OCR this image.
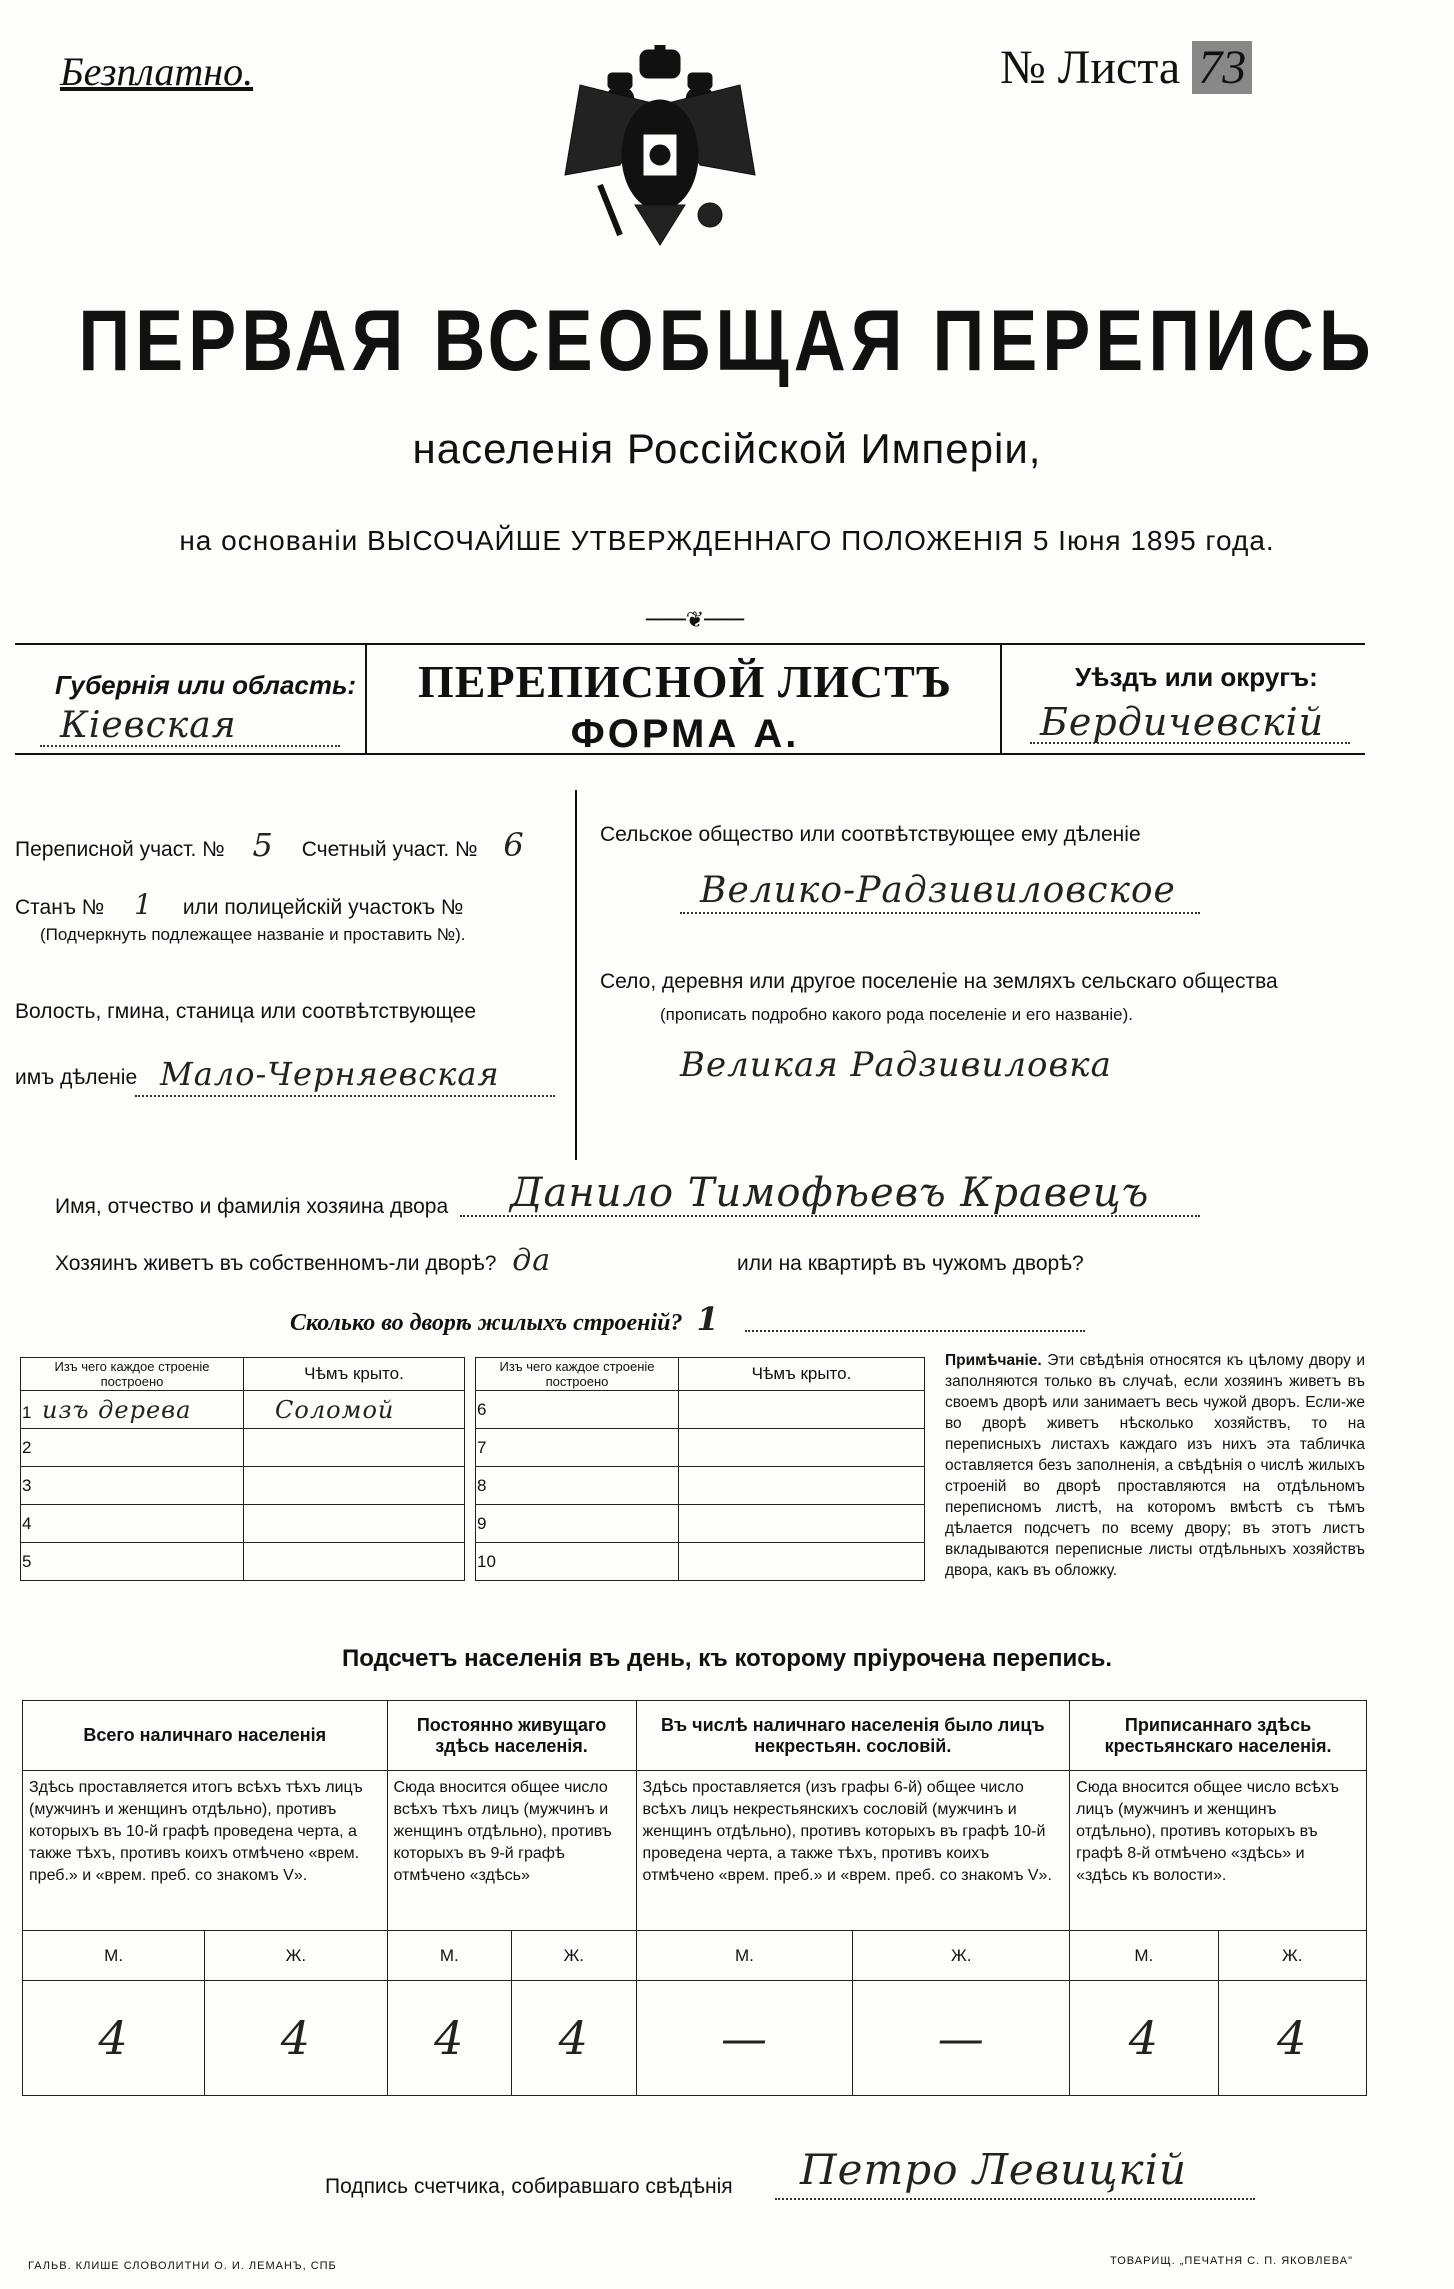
Безплатно.	№ Листа 73
ПЕРВАЯ ВСЕОБЩАЯ ПЕРЕПИСЬ
населенія Россійской Имперіи,
на основаніи ВЫСОЧАЙШЕ УТВЕРЖДЕННАГО ПОЛОЖЕНІЯ 5 Іюня 1895 года.
───❦───
Губернія или область:
Кіевская
ПЕРЕПИСНОЙ ЛИСТЪ
ФОРМА А.
Уѣздъ или округъ:
Бердичевскій
Переписной участ. № 5 Счетный участ. № 6
Станъ № 1 или полицейскій участокъ №
(Подчеркнуть подлежащее названіе и проставить №).
Волость, гмина, станица или соотвѣтствующее
имъ дѣленіе Мало-Черняевская
Сельское общество или соотвѣтствующее ему дѣленіе
Велико-Радзивиловское
Село, деревня или другое поселеніе на земляхъ сельскаго общества
(прописать подробно какого рода поселеніе и его названіе).
Великая Радзивиловка
Имя, отчество и фамилія хозяина двора Данило Тимофѣевъ Кравецъ
Хозяинъ живетъ въ собственномъ-ли дворѣ? да	или на квартирѣ въ чужомъ дворѣ?
Сколько во дворѣ жилыхъ строеній? 1
Изъ чего каждое строеніе построено	Чѣмъ крыто.
1 изъ дерева	Соломой
2	
3	
4	
5	
Изъ чего каждое строеніе построено	Чѣмъ крыто.
6	
7	
8	
9	
10	
Примѣчаніе. Эти свѣдѣнія относятся къ цѣлому двору и заполняются только въ случаѣ, если хозяинъ живетъ въ своемъ дворѣ или занимаетъ весь чужой дворъ. Если-же во дворѣ живетъ нѣсколько хозяйствъ, то на переписныхъ листахъ каждаго изъ нихъ эта табличка оставляется безъ заполненія, а свѣдѣнія о числѣ жилыхъ строеній во дворѣ проставляются на отдѣльномъ переписномъ листѣ, на которомъ вмѣстѣ съ тѣмъ дѣлается подсчетъ по всему двору; въ этотъ листъ вкладываются переписные листы отдѣльныхъ хозяйствъ двора, какъ въ обложку.
Подсчетъ населенія въ день, къ которому пріурочена перепись.
Всего наличнаго населенія		Постоянно живущаго здѣсь населенія.		Въ числѣ наличнаго населенія было лицъ некрестьян. сословій.		Приписаннаго здѣсь крестьянскаго населенія.	
Здѣсь проставляется итогъ всѣхъ тѣхъ лицъ (мужчинъ и женщинъ отдѣльно), противъ которыхъ въ 10-й графѣ проведена черта, а также тѣхъ, противъ коихъ отмѣчено «врем. преб.» и «врем. преб. со знакомъ V».		Сюда вносится общее число всѣхъ тѣхъ лицъ (мужчинъ и женщинъ отдѣльно), противъ которыхъ въ 9-й графѣ отмѣчено «здѣсь»		Здѣсь проставляется (изъ графы 6-й) общее число всѣхъ лицъ некрестьянскихъ сословій (мужчинъ и женщинъ отдѣльно), противъ которыхъ въ графѣ 10-й проведена черта, а также тѣхъ, противъ коихъ отмѣчено «врем. преб.» и «врем. преб. со знакомъ V».		Сюда вносится общее число всѣхъ лицъ (мужчинъ и женщинъ отдѣльно), противъ которыхъ въ графѣ 8-й отмѣчено «здѣсь» и «здѣсь къ волости».	
М.	Ж.	М.	Ж.	М.	Ж.	М.	Ж.
4	4	4	4	—	—	4	4
Подпись счетчика, собиравшаго свѣдѣнія Петро Левицкій
ГАЛЬВ. КЛИШЕ СЛОВОЛИТНИ О. И. ЛЕМАНЪ, СПБ	ТОВАРИЩ. „ПЕЧАТНЯ С. П. ЯКОВЛЕВА"
